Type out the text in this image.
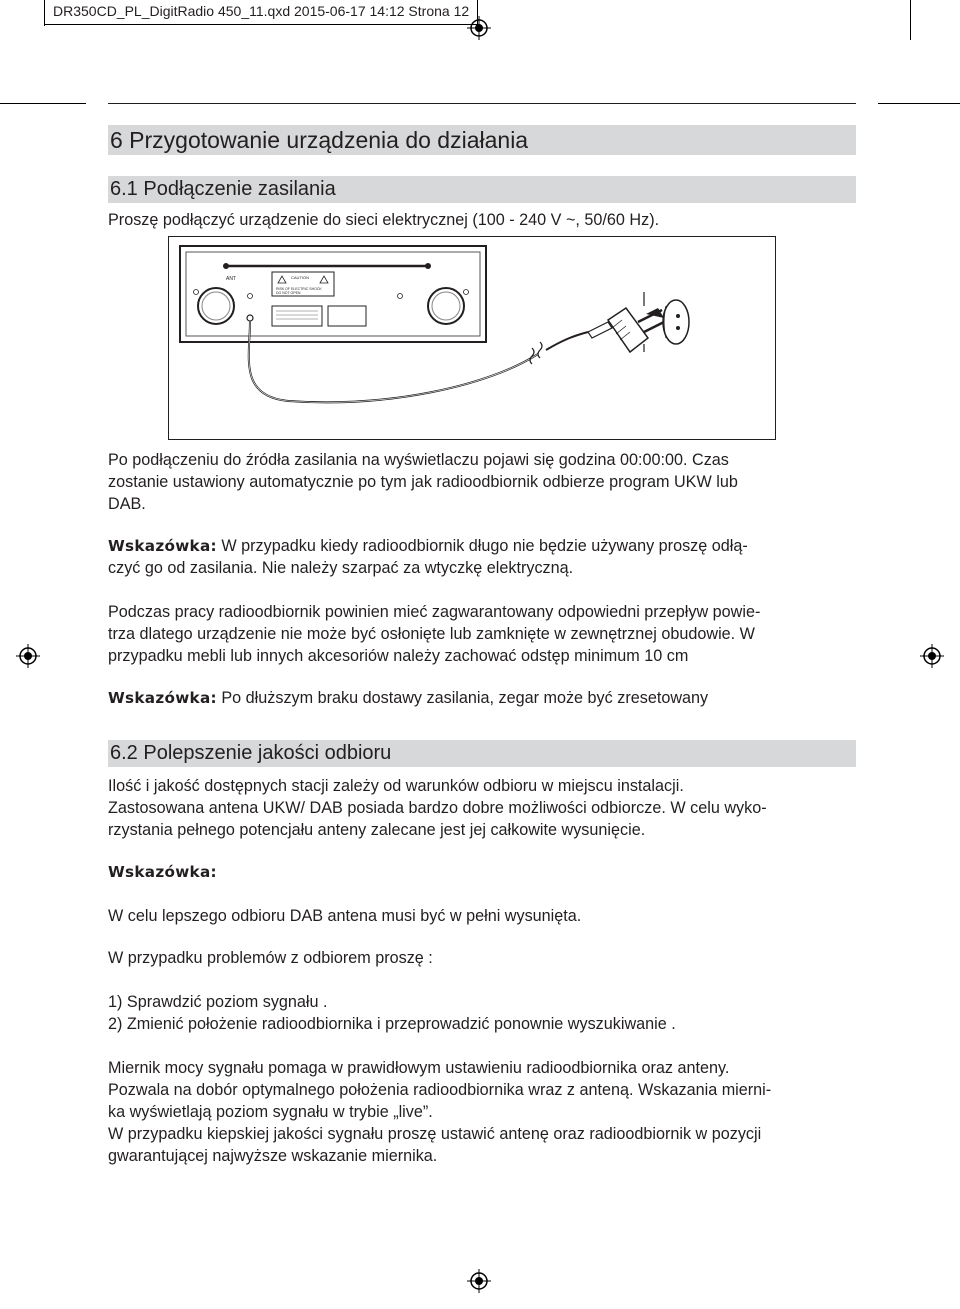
DR350CD_PL_DigitRadio 450_11.qxd 2015-06-17 14:12 Strona 12
6 Przygotowanie urządzenia do działania
6.1 Podłączenie zasilania

Proszę podłączyć urządzenie do sieci elektrycznej (100 - 240 V ~, 50/60 Hz).

ANT	CAUTION
RISK OF ELECTRIC SHOCK
DO NOT OPEN

Po podłączeniu do źródła zasilania na wyświetlaczu pojawi się godzina 00:00:00. Czas

zostanie ustawiony automatycznie po tym jak radioodbiornik odbierze program UKW lub

DAB.

Wskazówka: W przypadku kiedy radioodbiornik długo nie będzie używany proszę odłą-

czyć go od zasilania. Nie należy szarpać za wtyczkę elektryczną.

Podczas pracy radioodbiornik powinien mieć zagwarantowany odpowiedni przepływ powie-

trza dlatego urządzenie nie może być osłonięte lub zamknięte w zewnętrznej obudowie. W

przypadku mebli lub innych akcesoriów należy zachować odstęp minimum 10 cm

Wskazówka: Po dłuższym braku dostawy zasilania, zegar może być zresetowany

6.2 Polepszenie jakości odbioru

Ilość i jakość dostępnych stacji zależy od warunków odbioru w miejscu instalacji.

Zastosowana antena UKW/ DAB posiada bardzo dobre możliwości odbiorcze. W celu wyko-

rzystania pełnego potencjału anteny zalecane jest jej całkowite wysunięcie.

Wskazówka:

W celu lepszego odbioru DAB antena musi być w pełni wysunięta.

W przypadku problemów z odbiorem proszę :

1) Sprawdzić poziom sygnału .

2) Zmienić położenie radioodbiornika i przeprowadzić ponownie wyszukiwanie .

Miernik mocy sygnału pomaga w prawidłowym ustawieniu radioodbiornika oraz anteny.

Pozwala na dobór optymalnego położenia radioodbiornika wraz z anteną. Wskazania mierni-

ka wyświetlają poziom sygnału w trybie „live”.

W przypadku kiepskiej jakości sygnału proszę ustawić antenę oraz radioodbiornik w pozycji

gwarantującej najwyższe wskazanie miernika.
